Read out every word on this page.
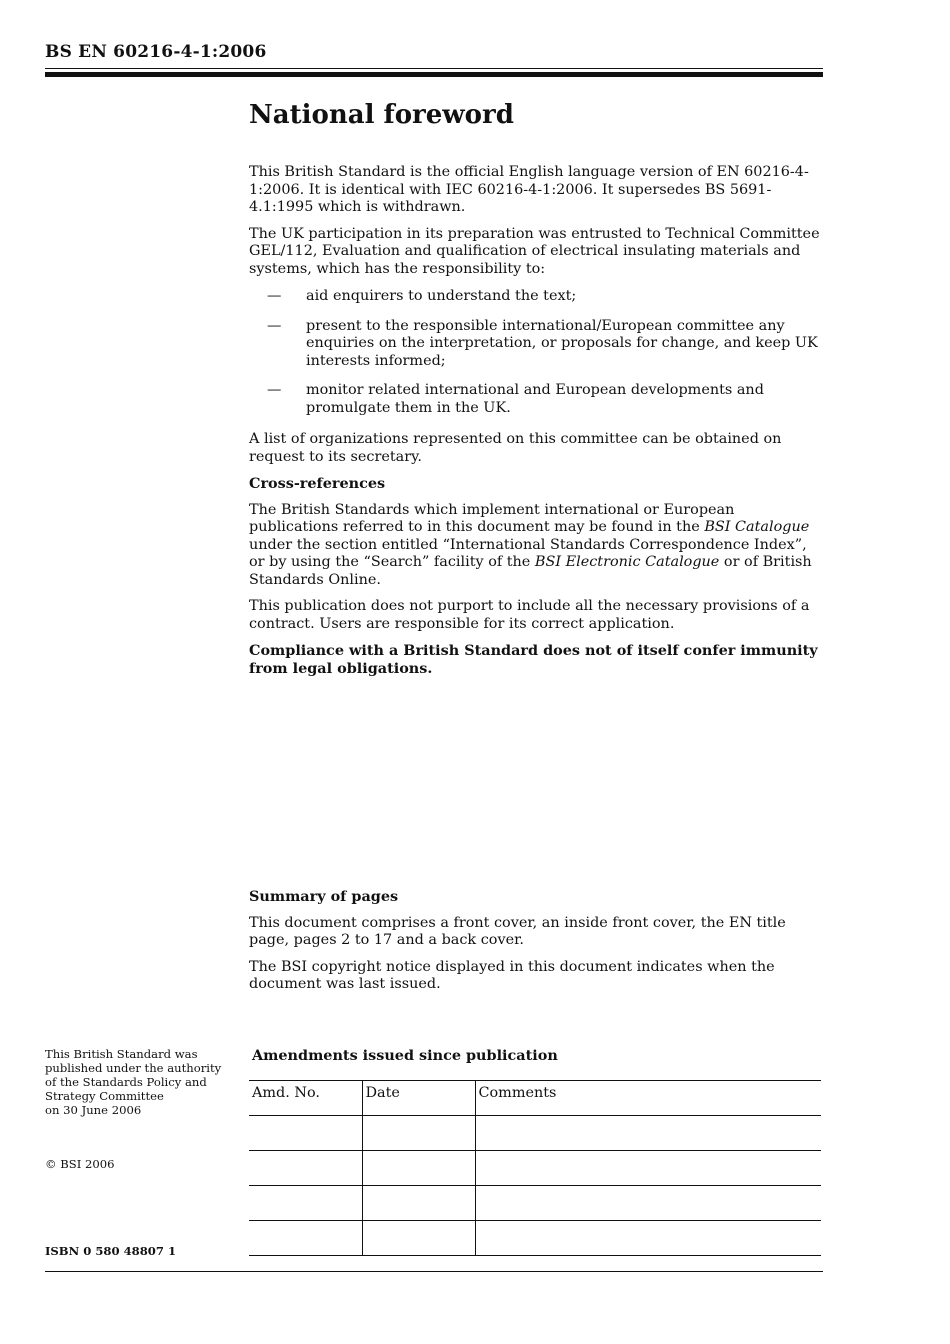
BS EN 60216-4-1:2006
National foreword

This British Standard is the official English language version of EN 60216-4-1:2006. It is identical with IEC 60216-4-1:2006. It supersedes BS 5691-4.1:1995 which is withdrawn.

The UK participation in its preparation was entrusted to Technical Committee GEL/112, Evaluation and qualification of electrical insulating materials and systems, which has the responsibility to:

—	aid enquirers to understand the text;
—	present to the responsible international/European committee any enquiries on the interpretation, or proposals for change, and keep UK interests informed;
—	monitor related international and European developments and promulgate them in the UK.

A list of organizations represented on this committee can be obtained on request to its secretary.

Cross-references

The British Standards which implement international or European publications referred to in this document may be found in the BSI Catalogue under the section entitled “International Standards Correspondence Index”, or by using the “Search” facility of the BSI Electronic Catalogue or of British Standards Online.

This publication does not purport to include all the necessary provisions of a contract. Users are responsible for its correct application.

Compliance with a British Standard does not of itself confer immunity from legal obligations.

Summary of pages

This document comprises a front cover, an inside front cover, the EN title page, pages 2 to 17 and a back cover.

The BSI copyright notice displayed in this document indicates when the document was last issued.

This British Standard was
published under the authority
of the Standards Policy and
Strategy Committee
on 30 June 2006
© BSI 2006
ISBN 0 580 48807 1
Amendments issued since publication
Amd. No.	Date	Comments
